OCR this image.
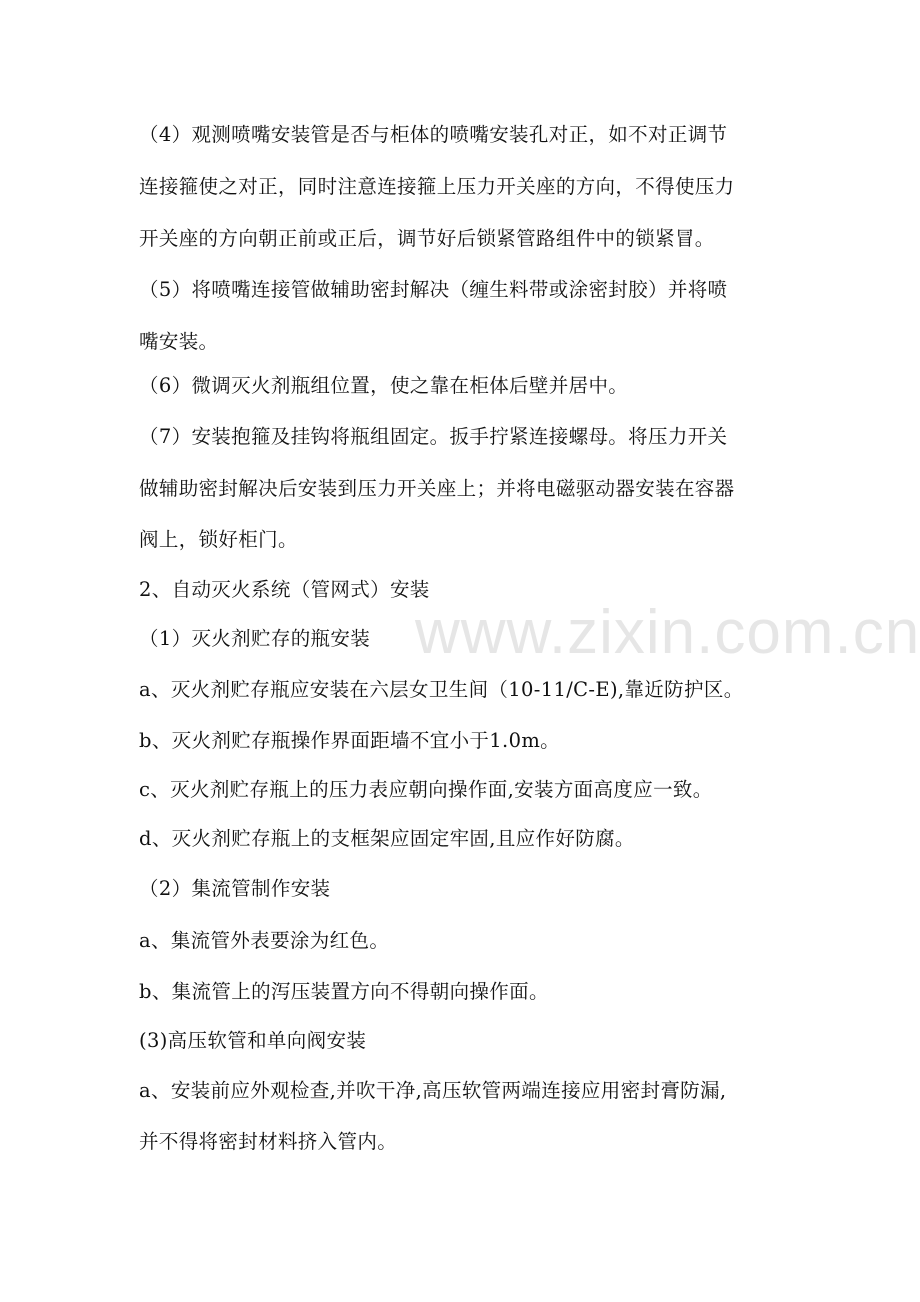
www.zixin.com.cn
（4）观测喷嘴安装管是否与柜体的喷嘴安装孔对正，如不对正调节
连接箍使之对正，同时注意连接箍上压力开关座的方向，不得使压力
开关座的方向朝正前或正后，调节好后锁紧管路组件中的锁紧冒。
（5）将喷嘴连接管做辅助密封解决（缠生料带或涂密封胶）并将喷
嘴安装。
（6）微调灭火剂瓶组位置，使之靠在柜体后壁并居中。
（7）安装抱箍及挂钩将瓶组固定。扳手拧紧连接螺母。将压力开关
做辅助密封解决后安装到压力开关座上；并将电磁驱动器安装在容器
阀上，锁好柜门。
2、自动灭火系统（管网式）安装
（1）灭火剂贮存的瓶安装
a、灭火剂贮存瓶应安装在六层女卫生间（10-11/C-E),靠近防护区。
b、灭火剂贮存瓶操作界面距墙不宜小于1.0m。
c、灭火剂贮存瓶上的压力表应朝向操作面,安装方面高度应一致。
d、灭火剂贮存瓶上的支框架应固定牢固,且应作好防腐。
（2）集流管制作安装
a、集流管外表要涂为红色。
b、集流管上的泻压装置方向不得朝向操作面。
(3)高压软管和单向阀安装
a、安装前应外观检查,并吹干净,高压软管两端连接应用密封膏防漏,
并不得将密封材料挤入管内。
